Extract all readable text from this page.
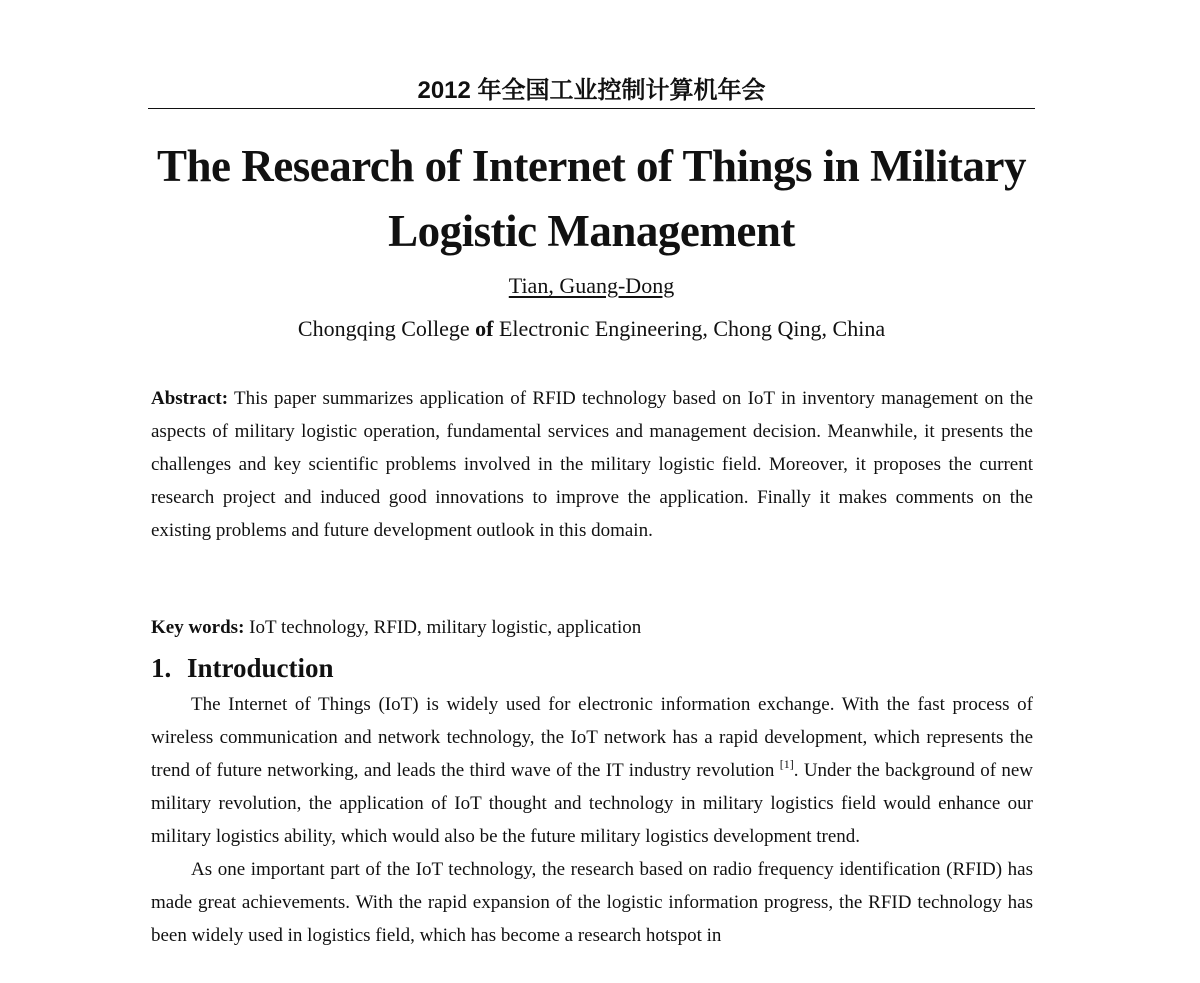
2012 年全国工业控制计算机年会
The Research of Internet of Things in Military
Logistic Management
Tian, Guang-Dong
Chongqing College of Electronic Engineering, Chong Qing, China

Abstract: This paper summarizes application of RFID technology based on IoT in inventory management on the aspects of military logistic operation, fundamental services and management decision. Meanwhile, it presents the challenges and key scientific problems involved in the military logistic field. Moreover, it proposes the current research project and induced good innovations to improve the application. Finally it makes comments on the existing problems and future development outlook in this domain.

Key words: IoT technology, RFID, military logistic, application

1. Introduction

The Internet of Things (IoT) is widely used for electronic information exchange. With the fast process of wireless communication and network technology, the IoT network has a rapid development, which represents the trend of future networking, and leads the third wave of the IT industry revolution [1]. Under the background of new military revolution, the application of IoT thought and technology in military logistics field would enhance our military logistics ability, which would also be the future military logistics development trend.

As one important part of the IoT technology, the research based on radio frequency identification (RFID) has made great achievements. With the rapid expansion of the logistic information progress, the RFID technology has been widely used in logistics field, which has become a research hotspot in
